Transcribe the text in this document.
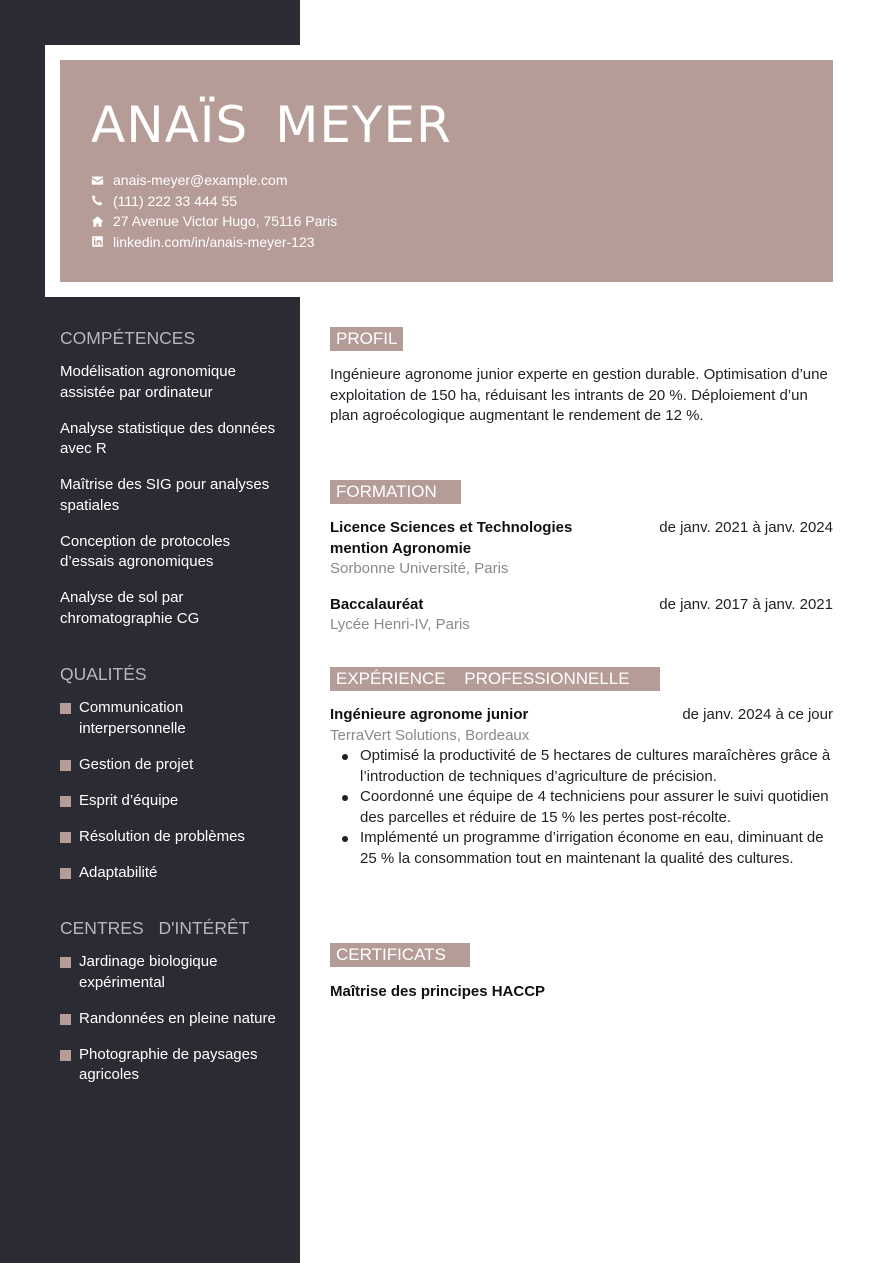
ANAÏS MEYER
anais-meyer@example.com
(111) 222 33 444 55
27 Avenue Victor Hugo, 75116 Paris
linkedin.com/in/anais-meyer-123
COMPÉTENCES
Modélisation agronomique assistée par ordinateur
Analyse statistique des données avec R
Maîtrise des SIG pour analyses spatiales
Conception de protocoles d’essais agronomiques
Analyse de sol par chromatographie CG
QUALITÉS
Communication interpersonnelle
Gestion de projet
Esprit d’équipe
Résolution de problèmes
Adaptabilité
CENTRES D'INTÉRÊT
Jardinage biologique expérimental
Randonnées en pleine nature
Photographie de paysages agricoles
PROFIL

Ingénieure agronome junior experte en gestion durable. Optimisation d’une exploitation de 150 ha, réduisant les intrants de 20 %. Déploiement d’un plan agroécologique augmentant le rendement de 12 %.

FORMATION
Licence Sciences et Technologies mention Agronomie
de janv. 2021 à janv. 2024
Sorbonne Université, Paris
Baccalauréat	de janv. 2017 à janv. 2021
Lycée Henri-IV, Paris
EXPÉRIENCE PROFESSIONNELLE
Ingénieure agronome junior	de janv. 2024 à ce jour
TerraVert Solutions, Bordeaux
Optimisé la productivité de 5 hectares de cultures maraîchères grâce à l’introduction de techniques d’agriculture de précision.
Coordonné une équipe de 4 techniciens pour assurer le suivi quotidien des parcelles et réduire de 15 % les pertes post-récolte.
Implémenté un programme d’irrigation économe en eau, diminuant de 25 % la consommation tout en maintenant la qualité des cultures.
CERTIFICATS
Maîtrise des principes HACCP
